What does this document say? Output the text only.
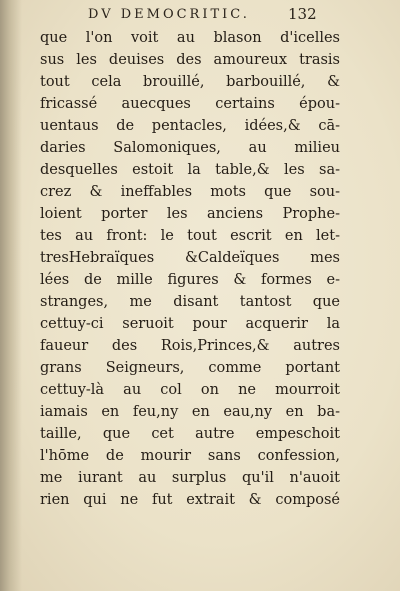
DV DEMOCRITIC.	132
que l'on voit au blason d'icelles
sus les deuises des amoureux trasis
tout cela brouillé, barbouillé, &
fricassé auecques certains épou-
uentaus de pentacles, idées,& cā-
daries Salomoniques, au milieu
desquelles estoit la table,& les sa-
crez & ineffables mots que sou-
loient porter les anciens Prophe-
tes au front: le tout escrit en let-
tresHebraïques &Caldeïques mes
lées de mille figures & formes e-
stranges, me disant tantost que
cettuy-ci seruoit pour acquerir la
faueur des Rois,Princes,& autres
grans Seigneurs, comme portant
cettuy-là au col on ne mourroit
iamais en feu,ny en eau,ny en ba-
taille, que cet autre empeschoit
l'hōme de mourir sans confession,
me iurant au surplus qu'il n'auoit
rien qui ne fut extrait & composé
